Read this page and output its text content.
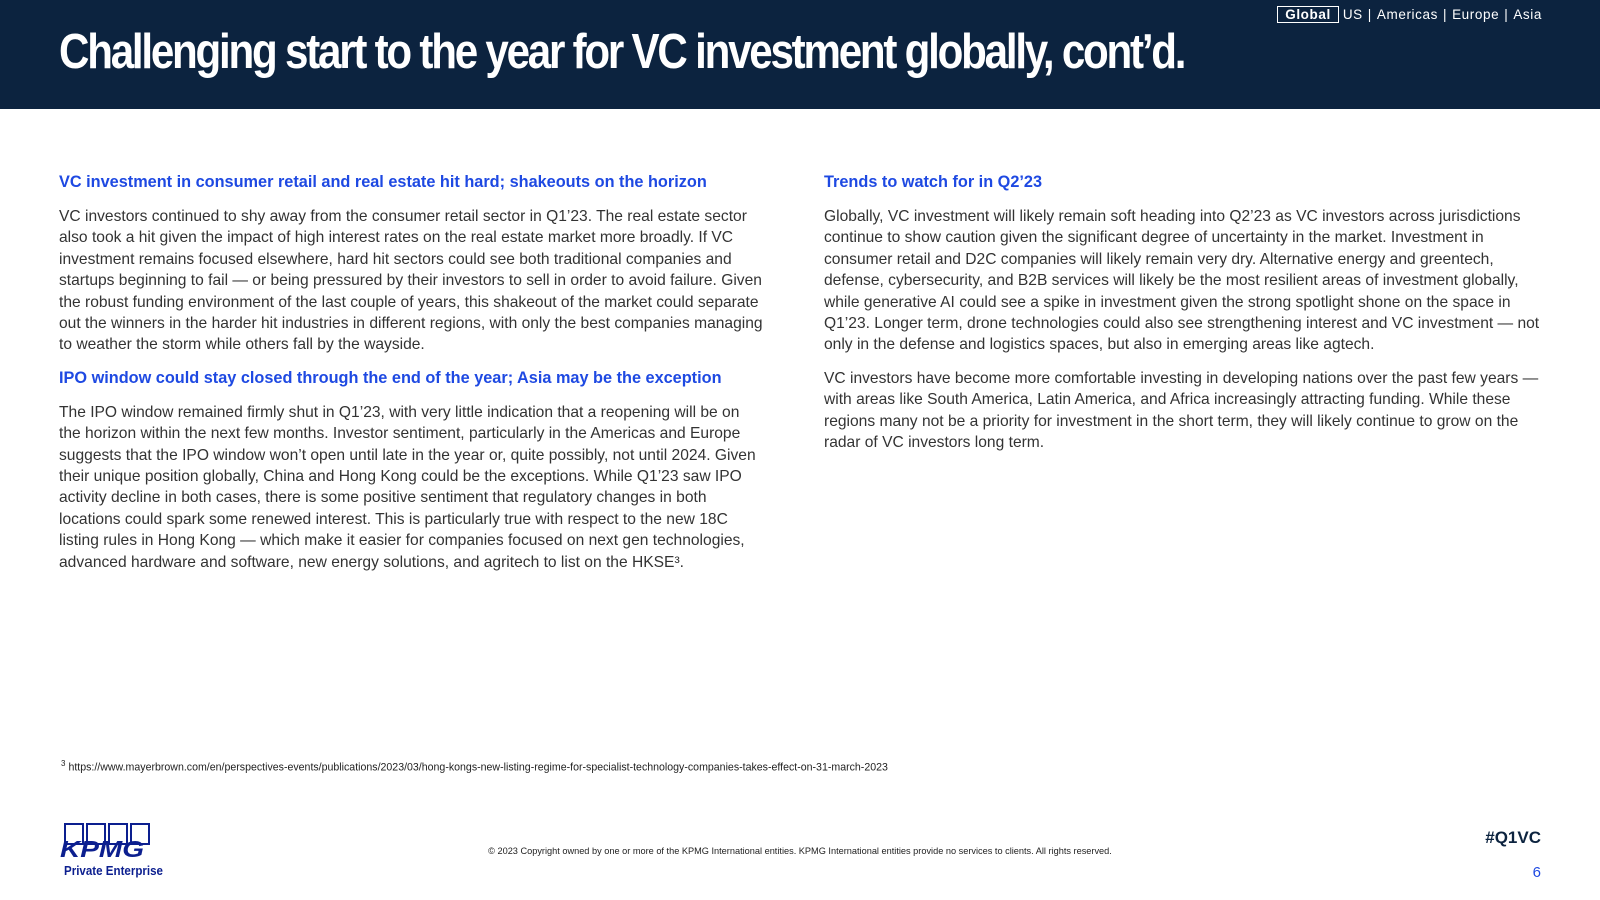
Challenging start to the year for VC investment globally, cont’d.
Global US | Americas | Europe | Asia
VC investment in consumer retail and real estate hit hard; shakeouts on the horizon

VC investors continued to shy away from the consumer retail sector in Q1’23. The real estate sector also took a hit given the impact of high interest rates on the real estate market more broadly. If VC investment remains focused elsewhere, hard hit sectors could see both traditional companies and startups beginning to fail — or being pressured by their investors to sell in order to avoid failure. Given the robust funding environment of the last couple of years, this shakeout of the market could separate out the winners in the harder hit industries in different regions, with only the best companies managing to weather the storm while others fall by the wayside.

IPO window could stay closed through the end of the year; Asia may be the exception

The IPO window remained firmly shut in Q1’23, with very little indication that a reopening will be on the horizon within the next few months. Investor sentiment, particularly in the Americas and Europe suggests that the IPO window won’t open until late in the year or, quite possibly, not until 2024. Given their unique position globally, China and Hong Kong could be the exceptions. While Q1’23 saw IPO activity decline in both cases, there is some positive sentiment that regulatory changes in both locations could spark some renewed interest. This is particularly true with respect to the new 18C listing rules in Hong Kong — which make it easier for companies focused on next gen technologies, advanced hardware and software, new energy solutions, and agritech to list on the HKSE³.

Trends to watch for in Q2’23

Globally, VC investment will likely remain soft heading into Q2’23 as VC investors across jurisdictions continue to show caution given the significant degree of uncertainty in the market. Investment in consumer retail and D2C companies will likely remain very dry. Alternative energy and greentech, defense, cybersecurity, and B2B services will likely be the most resilient areas of investment globally, while generative AI could see a spike in investment given the strong spotlight shone on the space in Q1’23. Longer term, drone technologies could also see strengthening interest and VC investment — not only in the defense and logistics spaces, but also in emerging areas like agtech.

VC investors have become more comfortable investing in developing nations over the past few years — with areas like South America, Latin America, and Africa increasingly attracting funding. While these regions many not be a priority for investment in the short term, they will likely continue to grow on the radar of VC investors long term.

$^3$ https://www.mayerbrown.com/en/perspectives-events/publications/2023/03/hong-kongs-new-listing-regime-for-specialist-technology-companies-takes-effect-on-31-march-2023
KPMG
Private Enterprise
© 2023 Copyright owned by one or more of the KPMG International entities. KPMG International entities provide no services to clients. All rights reserved.
#Q1VC
6
